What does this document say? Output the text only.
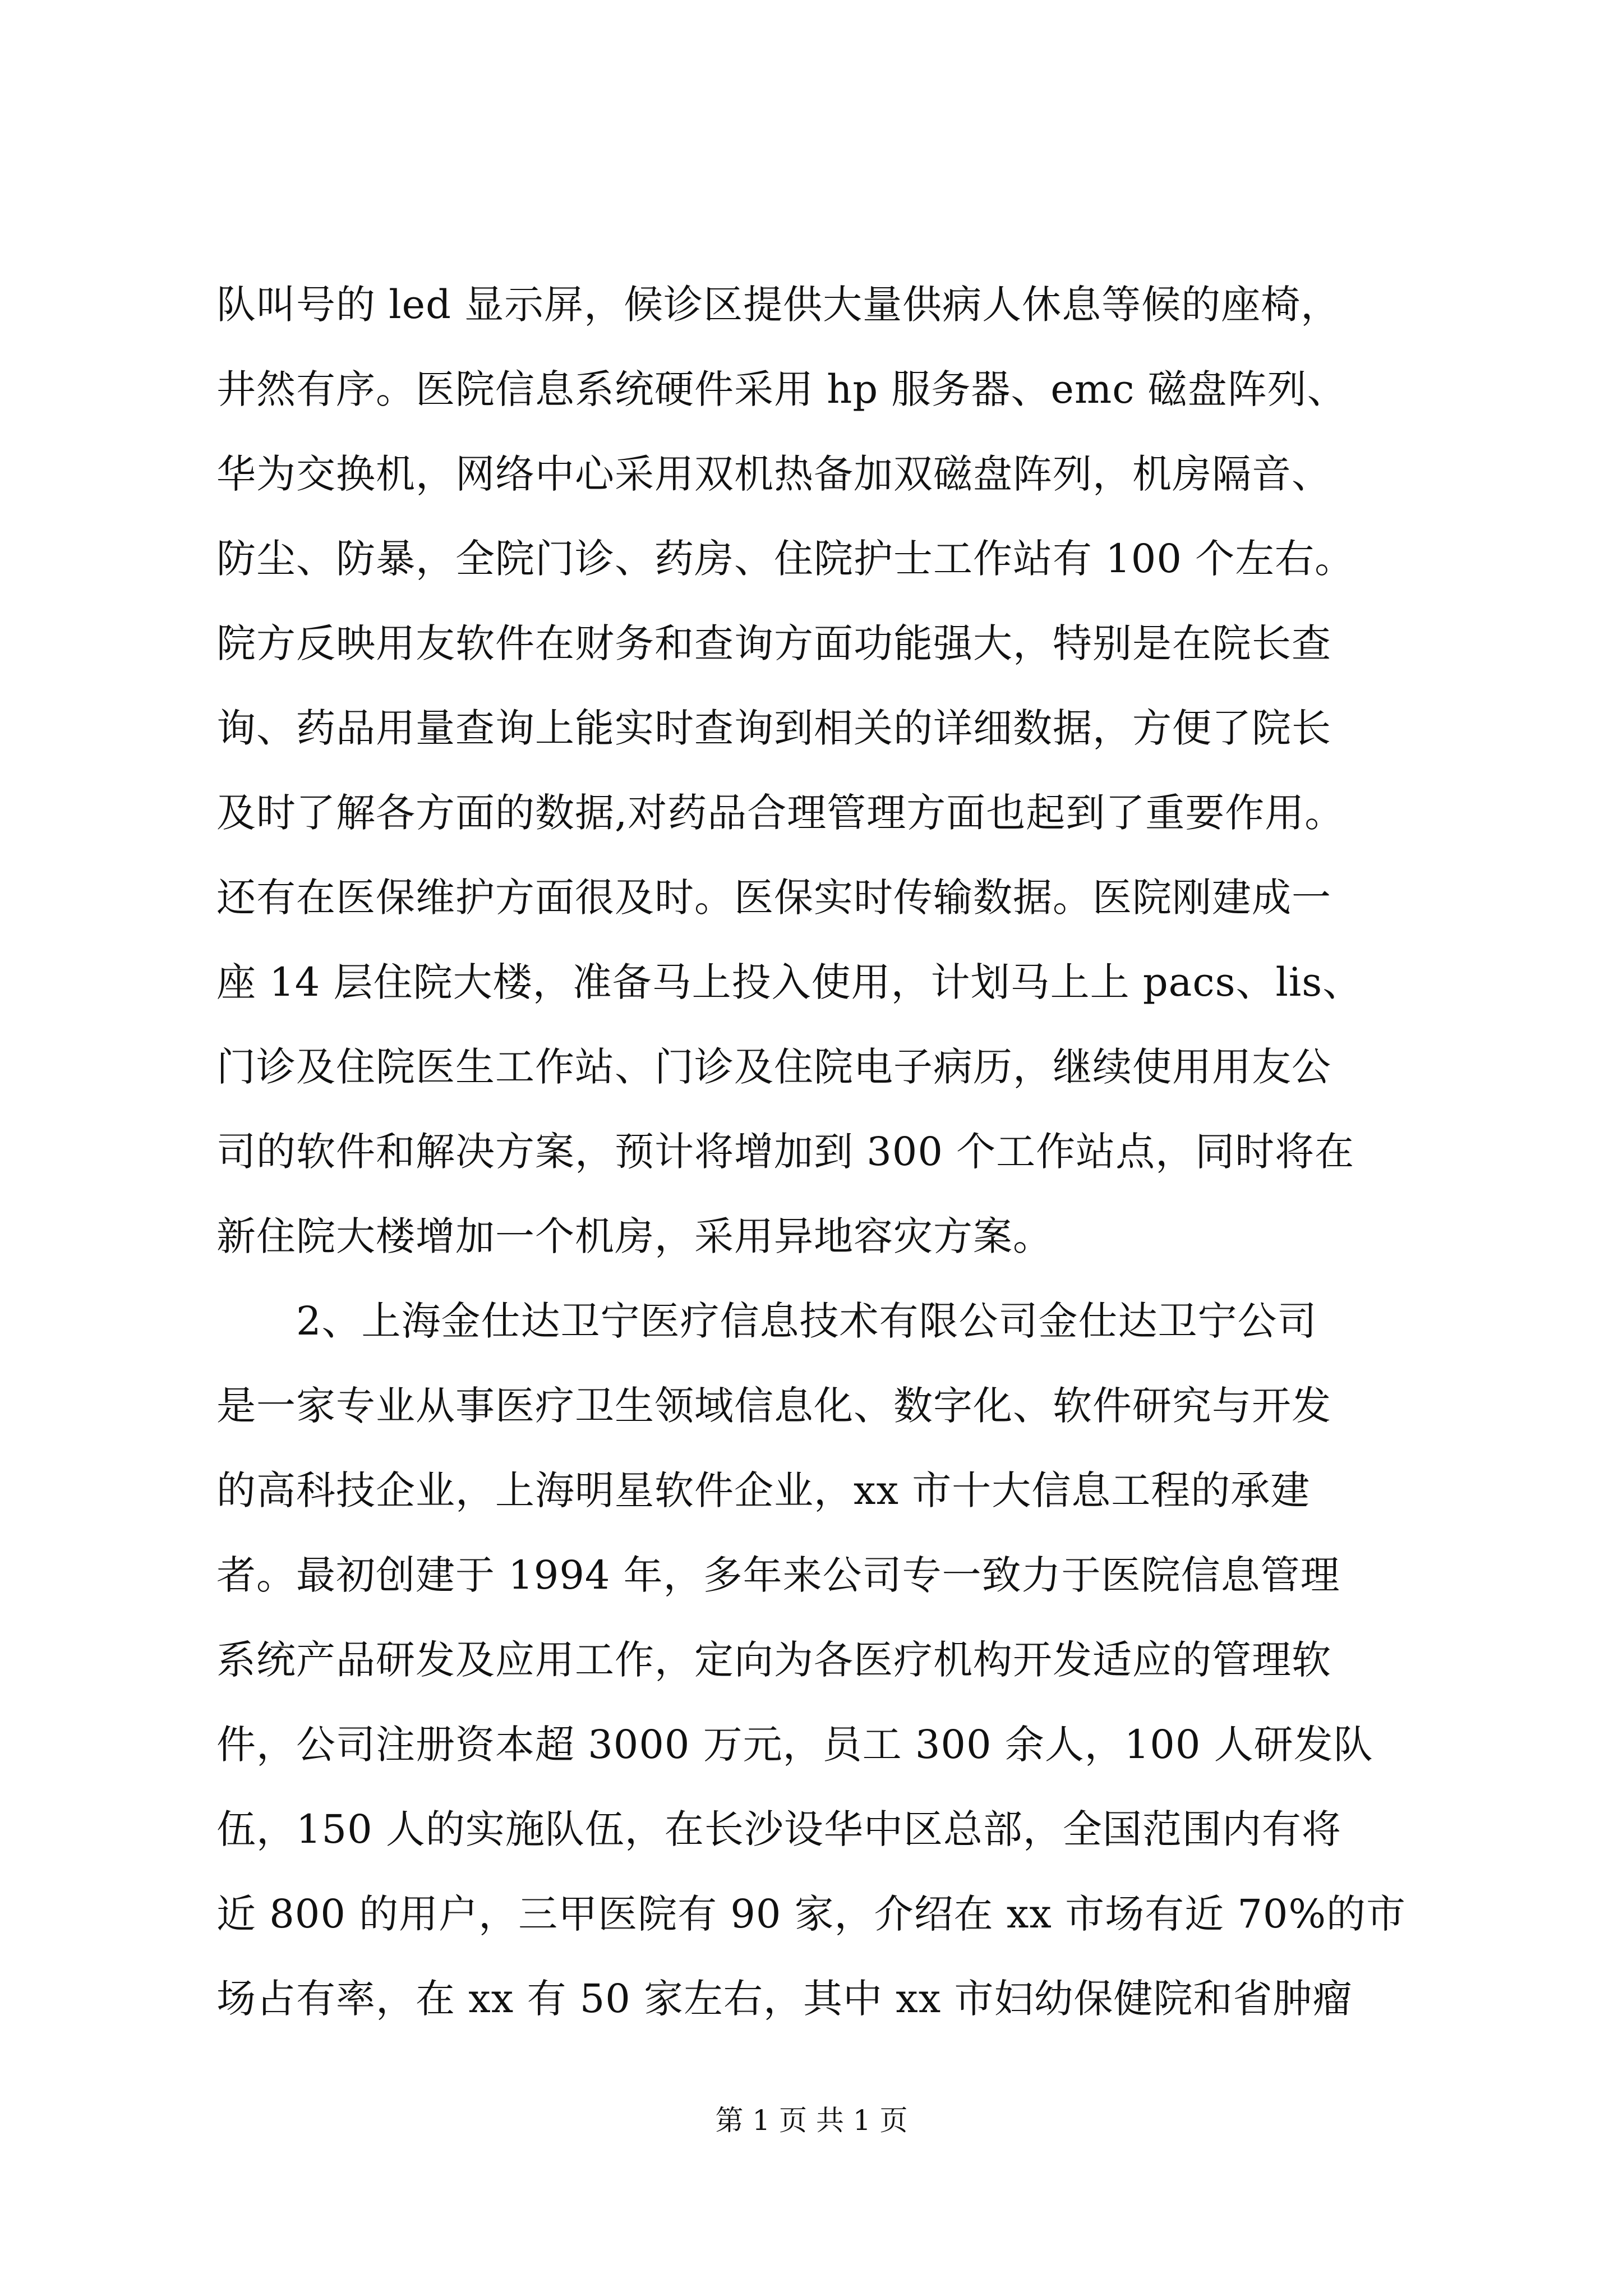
队叫号的 led 显示屏，候诊区提供大量供病人休息等候的座椅，
井然有序。医院信息系统硬件采用 hp 服务器、emc 磁盘阵列、
华为交换机，网络中心采用双机热备加双磁盘阵列，机房隔音、
防尘、防暴，全院门诊、药房、住院护士工作站有 100 个左右。
院方反映用友软件在财务和查询方面功能强大，特别是在院长查
询、药品用量查询上能实时查询到相关的详细数据，方便了院长
及时了解各方面的数据,对药品合理管理方面也起到了重要作用。
还有在医保维护方面很及时。医保实时传输数据。医院刚建成一
座 14 层住院大楼，准备马上投入使用，计划马上上 pacs、lis、
门诊及住院医生工作站、门诊及住院电子病历，继续使用用友公
司的软件和解决方案，预计将增加到 300 个工作站点，同时将在
新住院大楼增加一个机房，采用异地容灾方案。
2、上海金仕达卫宁医疗信息技术有限公司金仕达卫宁公司
是一家专业从事医疗卫生领域信息化、数字化、软件研究与开发
的高科技企业，上海明星软件企业，xx 市十大信息工程的承建
者。最初创建于 1994 年，多年来公司专一致力于医院信息管理
系统产品研发及应用工作，定向为各医疗机构开发适应的管理软
件，公司注册资本超 3000 万元，员工 300 余人，100 人研发队
伍，150 人的实施队伍，在长沙设华中区总部，全国范围内有将
近 800 的用户，三甲医院有 90 家，介绍在 xx 市场有近 70%的市
场占有率，在 xx 有 50 家左右，其中 xx 市妇幼保健院和省肿瘤
第 1 页 共 1 页
